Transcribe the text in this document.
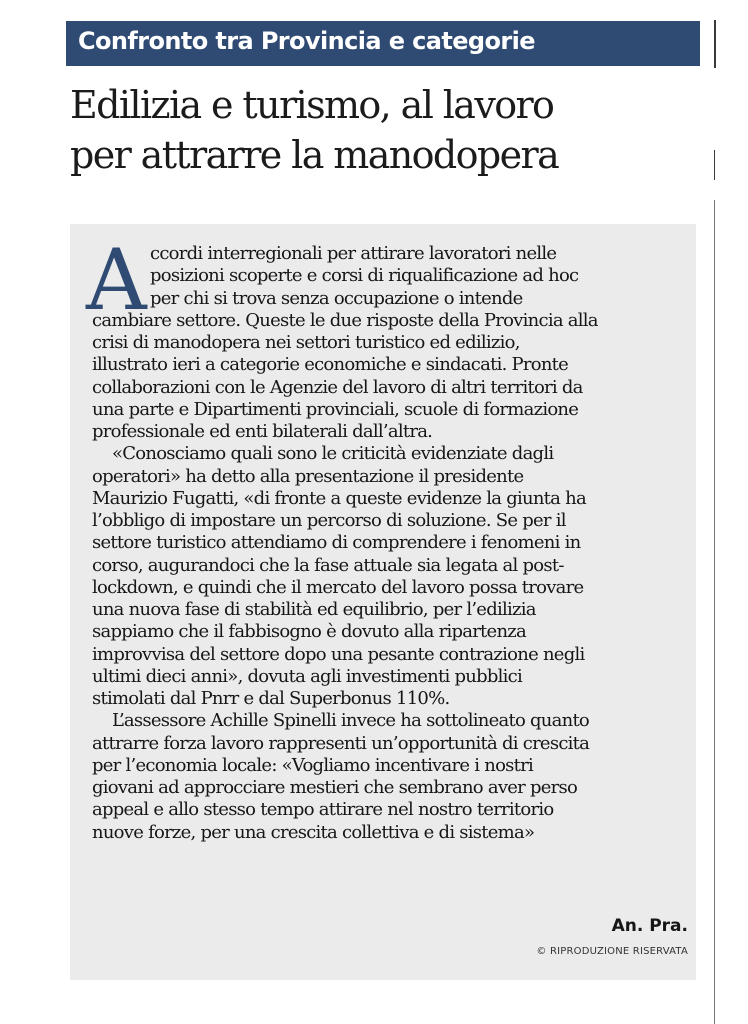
Confronto tra Provincia e categorie
Edilizia e turismo, al lavoro
per attrarre la manodopera
A ccordi interregionali per attirare lavoratori nelle
posizioni scoperte e corsi di riqualificazione ad hoc
per chi si trova senza occupazione o intende
cambiare settore. Queste le due risposte della Provincia alla
crisi di manodopera nei settori turistico ed edilizio,
illustrato ieri a categorie economiche e sindacati. Pronte
collaborazioni con le Agenzie del lavoro di altri territori da
una parte e Dipartimenti provinciali, scuole di formazione
professionale ed enti bilaterali dall’altra.
«Conosciamo quali sono le criticità evidenziate dagli
operatori» ha detto alla presentazione il presidente
Maurizio Fugatti, «di fronte a queste evidenze la giunta ha
l’obbligo di impostare un percorso di soluzione. Se per il
settore turistico attendiamo di comprendere i fenomeni in
corso, augurandoci che la fase attuale sia legata al post-
lockdown, e quindi che il mercato del lavoro possa trovare
una nuova fase di stabilità ed equilibrio, per l’edilizia
sappiamo che il fabbisogno è dovuto alla ripartenza
improvvisa del settore dopo una pesante contrazione negli
ultimi dieci anni», dovuta agli investimenti pubblici
stimolati dal Pnrr e dal Superbonus 110%.
L’assessore Achille Spinelli invece ha sottolineato quanto
attrarre forza lavoro rappresenti un’opportunità di crescita
per l’economia locale: «Vogliamo incentivare i nostri
giovani ad approcciare mestieri che sembrano aver perso
appeal e allo stesso tempo attirare nel nostro territorio
nuove forze, per una crescita collettiva e di sistema»
An. Pra.
© RIPRODUZIONE RISERVATA
